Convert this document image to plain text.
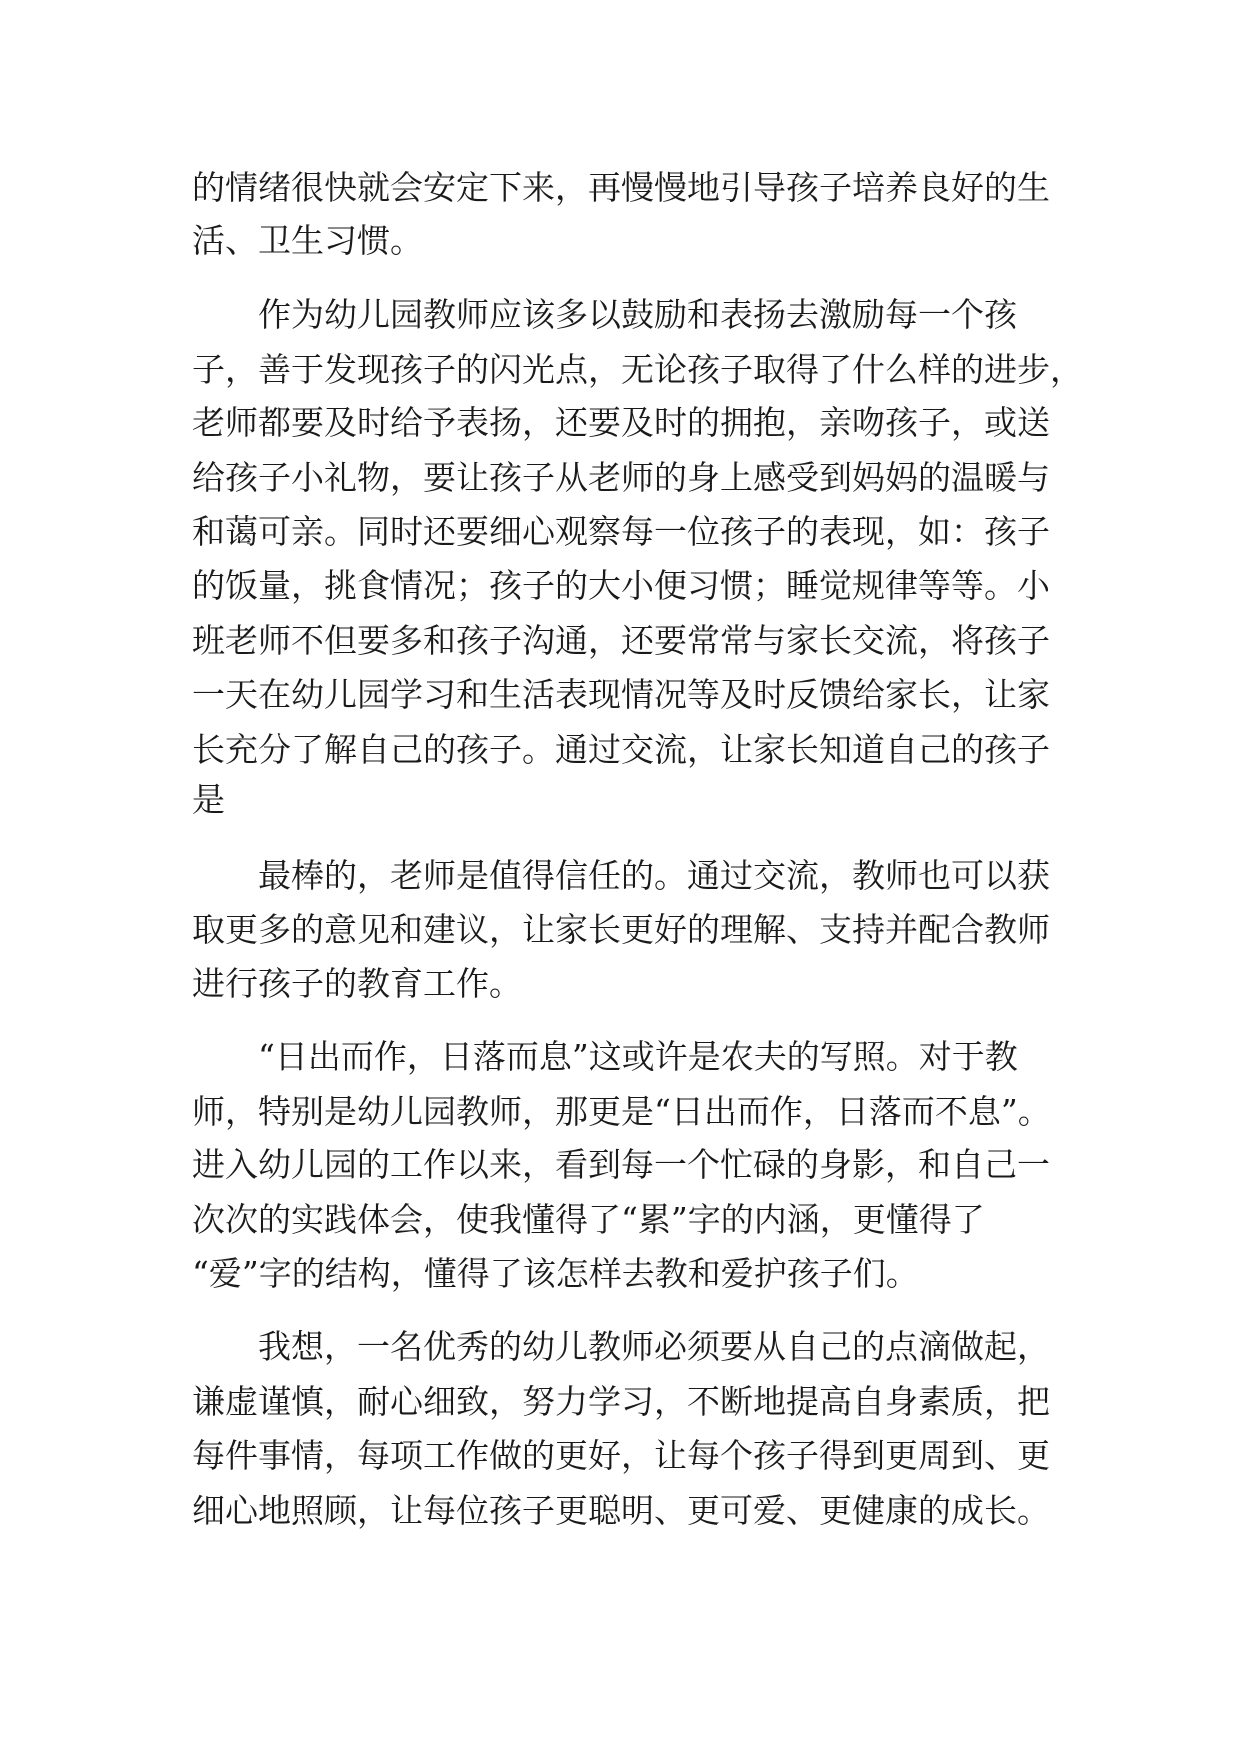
的情绪很快就会安定下来，再慢慢地引导孩子培养良好的生

活、卫生习惯。

　　作为幼儿园教师应该多以鼓励和表扬去激励每一个孩

子，善于发现孩子的闪光点，无论孩子取得了什么样的进步，

老师都要及时给予表扬，还要及时的拥抱，亲吻孩子，或送

给孩子小礼物，要让孩子从老师的身上感受到妈妈的温暖与

和蔼可亲。同时还要细心观察每一位孩子的表现，如：孩子

的饭量，挑食情况；孩子的大小便习惯；睡觉规律等等。小

班老师不但要多和孩子沟通，还要常常与家长交流，将孩子

一天在幼儿园学习和生活表现情况等及时反馈给家长，让家

长充分了解自己的孩子。通过交流，让家长知道自己的孩子

是

　　最棒的，老师是值得信任的。通过交流，教师也可以获

取更多的意见和建议，让家长更好的理解、支持并配合教师

进行孩子的教育工作。

　　“日出而作，日落而息”这或许是农夫的写照。对于教

师，特别是幼儿园教师，那更是“日出而作，日落而不息”。

进入幼儿园的工作以来，看到每一个忙碌的身影，和自己一

次次的实践体会，使我懂得了“累”字的内涵，更懂得了

“爱”字的结构，懂得了该怎样去教和爱护孩子们。

　　我想，一名优秀的幼儿教师必须要从自己的点滴做起，

谦虚谨慎，耐心细致，努力学习，不断地提高自身素质，把

每件事情，每项工作做的更好，让每个孩子得到更周到、更

细心地照顾，让每位孩子更聪明、更可爱、更健康的成长。
